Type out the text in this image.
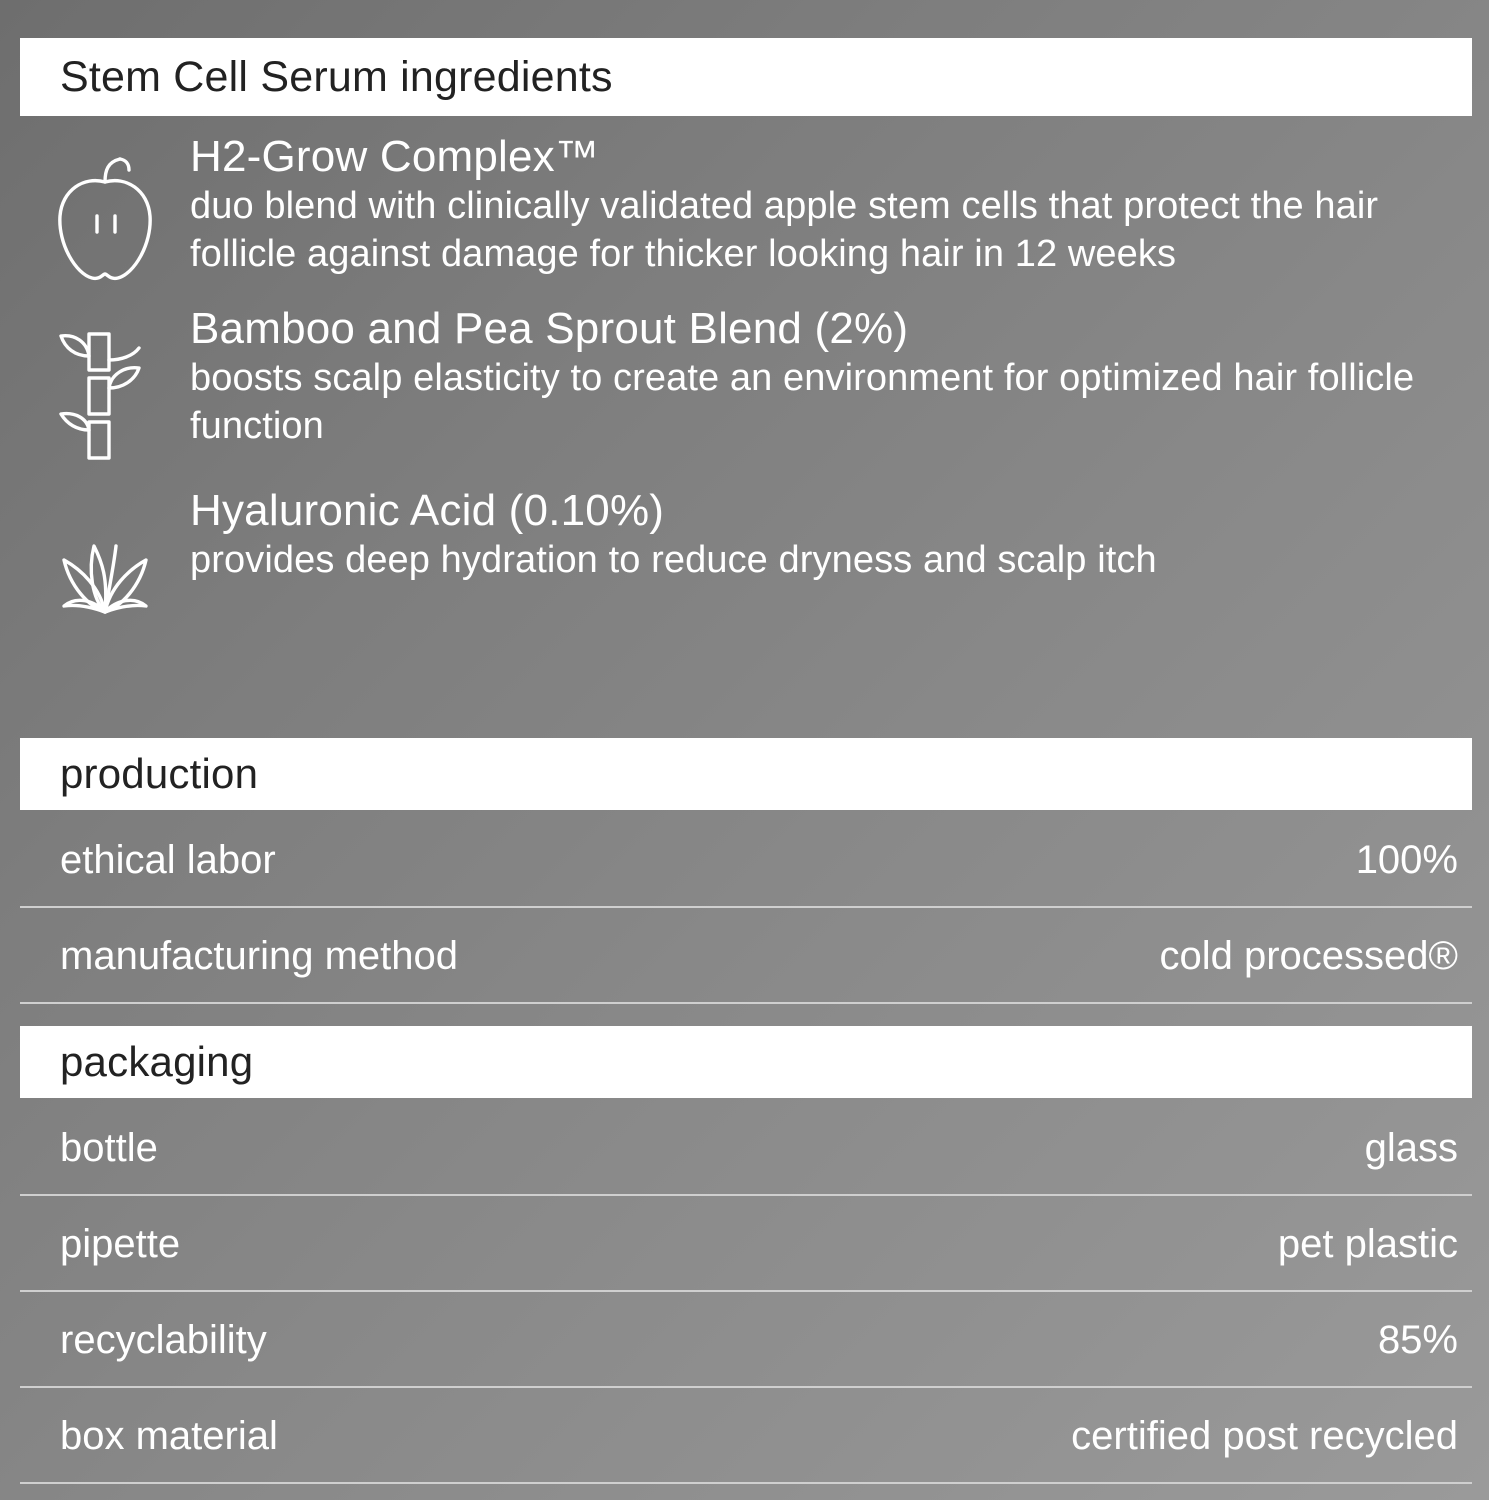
Stem Cell Serum ingredients
H2-Grow Complex™
duo blend with clinically validated apple stem cells that protect the hair follicle against damage for thicker looking hair in 12 weeks
Bamboo and Pea Sprout Blend (2%)
boosts scalp elasticity to create an environment for optimized hair follicle function
Hyaluronic Acid (0.10%)
provides deep hydration to reduce dryness and scalp itch
production
ethical labor	100%
manufacturing method	cold processed®
packaging
bottle	glass
pipette	pet plastic
recyclability	85%
box material	certified post recycled
